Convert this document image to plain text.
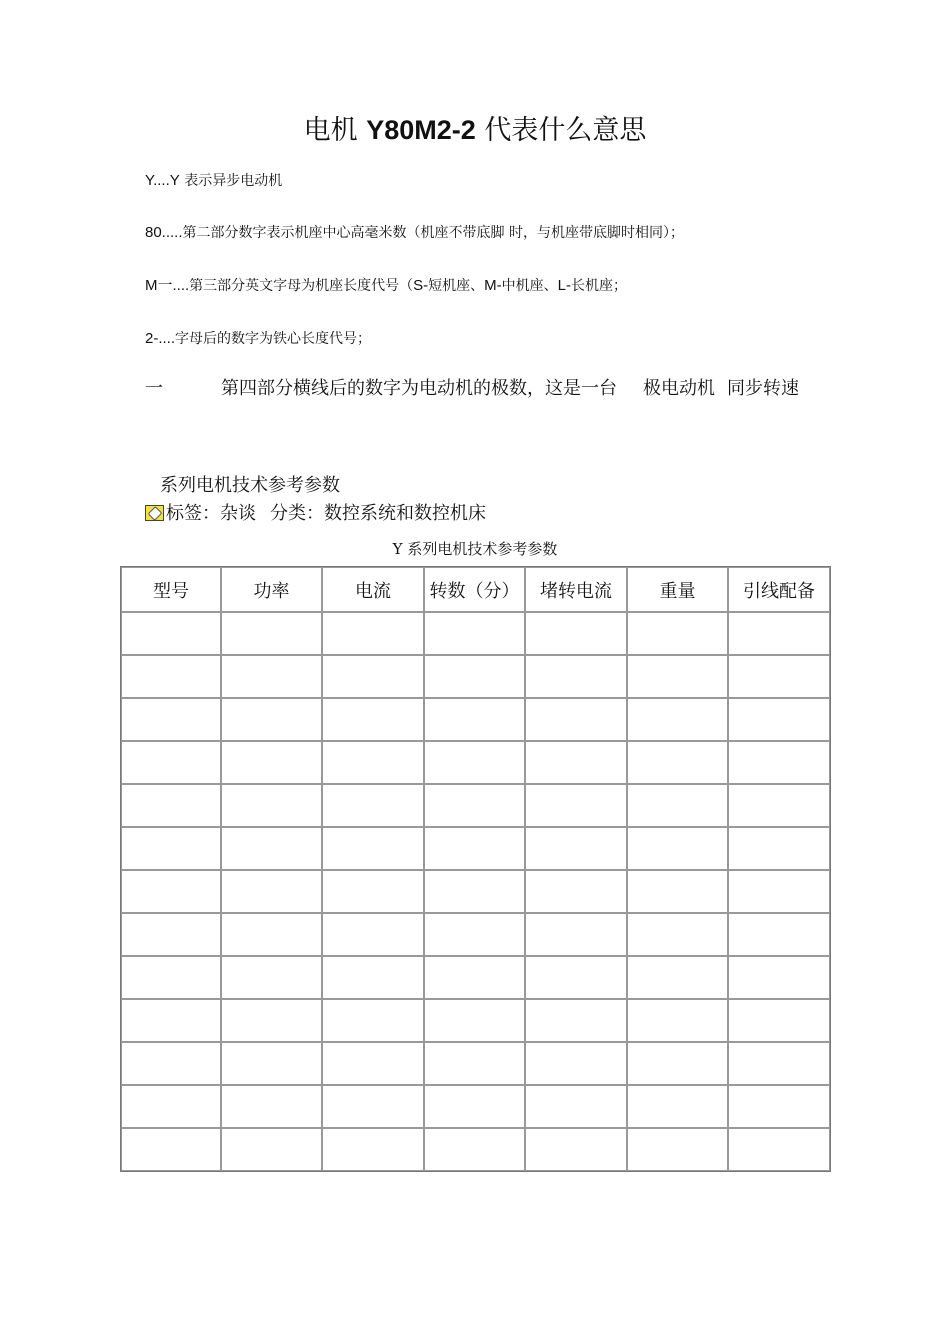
电机 Y80M2-2 代表什么意思
Y....Y 表示异步电动机
80.....第二部分数字表示机座中心高毫米数（机座不带底脚 时，与机座带底脚时相同）；
M一....第三部分英文字母为机座长度代号（S-短机座、M-中机座、L-长机座；
2-....字母后的数字为铁心长度代号；
一	第四部分横线后的数字为电动机的极数，这是一台 极电动机 同步转速
系列电机技术参考参数
标签：杂谈 分类：数控系统和数控机床
Y 系列电机技术参考参数
型号	功率	电流	转数（分）	堵转电流	重量	引线配备
